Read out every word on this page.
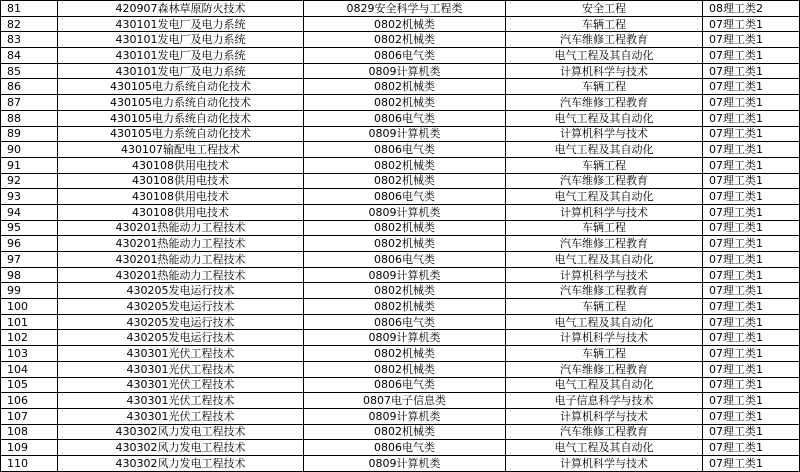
81	420907森林草原防火技术	0829安全科学与工程类	安全工程	08理工类2
82	430101发电厂及电力系统	0802机械类	车辆工程	07理工类1
83	430101发电厂及电力系统	0802机械类	汽车维修工程教育	07理工类1
84	430101发电厂及电力系统	0806电气类	电气工程及其自动化	07理工类1
85	430101发电厂及电力系统	0809计算机类	计算机科学与技术	07理工类1
86	430105电力系统自动化技术	0802机械类	车辆工程	07理工类1
87	430105电力系统自动化技术	0802机械类	汽车维修工程教育	07理工类1
88	430105电力系统自动化技术	0806电气类	电气工程及其自动化	07理工类1
89	430105电力系统自动化技术	0809计算机类	计算机科学与技术	07理工类1
90	430107输配电工程技术	0806电气类	电气工程及其自动化	07理工类1
91	430108供用电技术	0802机械类	车辆工程	07理工类1
92	430108供用电技术	0802机械类	汽车维修工程教育	07理工类1
93	430108供用电技术	0806电气类	电气工程及其自动化	07理工类1
94	430108供用电技术	0809计算机类	计算机科学与技术	07理工类1
95	430201热能动力工程技术	0802机械类	车辆工程	07理工类1
96	430201热能动力工程技术	0802机械类	汽车维修工程教育	07理工类1
97	430201热能动力工程技术	0806电气类	电气工程及其自动化	07理工类1
98	430201热能动力工程技术	0809计算机类	计算机科学与技术	07理工类1
99	430205发电运行技术	0802机械类	汽车维修工程教育	07理工类1
100	430205发电运行技术	0802机械类	车辆工程	07理工类1
101	430205发电运行技术	0806电气类	电气工程及其自动化	07理工类1
102	430205发电运行技术	0809计算机类	计算机科学与技术	07理工类1
103	430301光伏工程技术	0802机械类	车辆工程	07理工类1
104	430301光伏工程技术	0802机械类	汽车维修工程教育	07理工类1
105	430301光伏工程技术	0806电气类	电气工程及其自动化	07理工类1
106	430301光伏工程技术	0807电子信息类	电子信息科学与技术	07理工类1
107	430301光伏工程技术	0809计算机类	计算机科学与技术	07理工类1
108	430302风力发电工程技术	0802机械类	汽车维修工程教育	07理工类1
109	430302风力发电工程技术	0806电气类	电气工程及其自动化	07理工类1
110	430302风力发电工程技术	0809计算机类	计算机科学与技术	07理工类1
